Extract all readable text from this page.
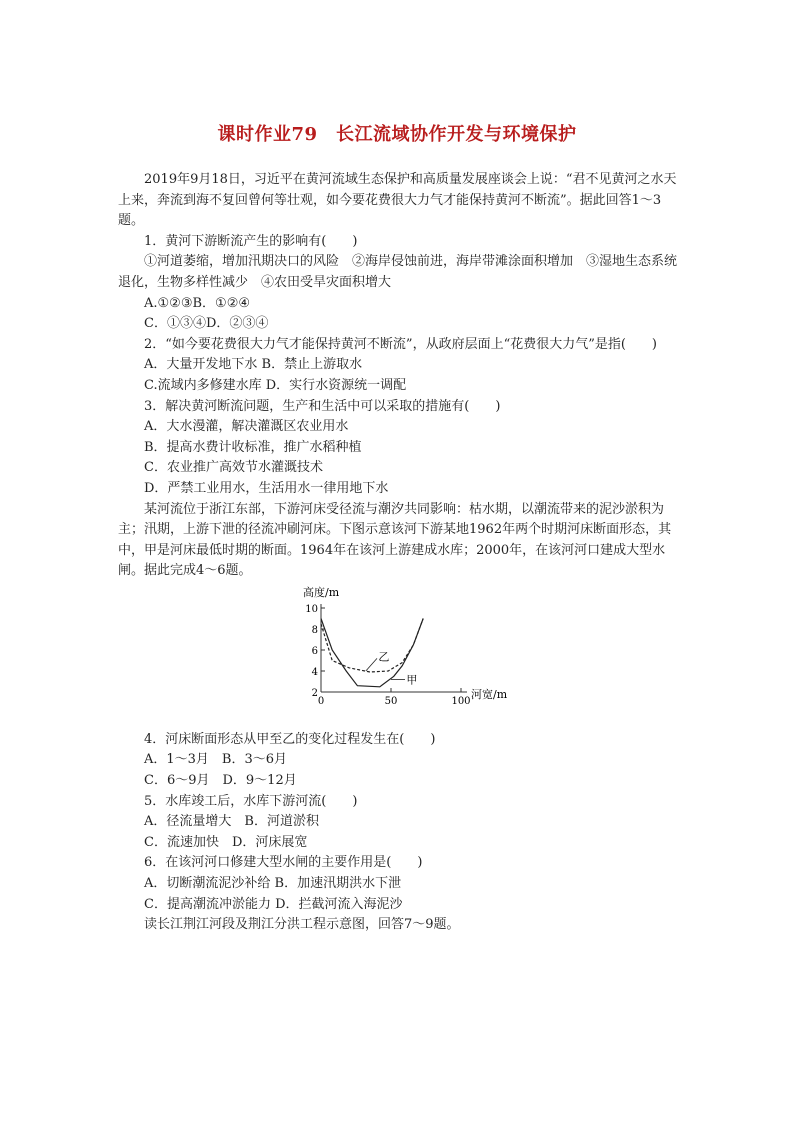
课时作业79　长江流域协作开发与环境保护

2019年9月18日，习近平在黄河流域生态保护和高质量发展座谈会上说：“君不见黄河之水天上来，奔流到海不复回曾何等壮观，如今要花费很大力气才能保持黄河不断流”。据此回答1～3题。

1．黄河下游断流产生的影响有(　　)

①河道萎缩，增加汛期决口的风险　②海岸侵蚀前进，海岸带滩涂面积增加　③湿地生态系统退化，生物多样性减少　④农田受旱灾面积增大

A.①②③B．①②④

C．①③④D．②③④

2．“如今要花费很大力气才能保持黄河不断流”，从政府层面上“花费很大力气”是指(　　)

A．大量开发地下水 B．禁止上游取水

C.流域内多修建水库 D．实行水资源统一调配

3．解决黄河断流问题，生产和生活中可以采取的措施有(　　)

A．大水漫灌，解决灌溉区农业用水

B．提高水费计收标准，推广水稻种植

C．农业推广高效节水灌溉技术

D．严禁工业用水，生活用水一律用地下水

某河流位于浙江东部，下游河床受径流与潮汐共同影响：枯水期，以潮流带来的泥沙淤积为主；汛期，上游下泄的径流冲刷河床。下图示意该河下游某地1962年两个时期河床断面形态，其中，甲是河床最低时期的断面。1964年在该河上游建成水库；2000年，在该河河口建成大型水闸。据此完成4～6题。

高度/m
河宽/m
2
4
6
8
10
0	50	100
乙
甲

4．河床断面形态从甲至乙的变化过程发生在(　　)

A．1～3月　B．3～6月

C．6～9月　D．9～12月

5．水库竣工后，水库下游河流(　　)

A．径流量增大　B．河道淤积

C．流速加快　D．河床展宽

6．在该河河口修建大型水闸的主要作用是(　　)

A．切断潮流泥沙补给 B．加速汛期洪水下泄

C．提高潮流冲淤能力 D．拦截河流入海泥沙

读长江荆江河段及荆江分洪工程示意图，回答7～9题。
